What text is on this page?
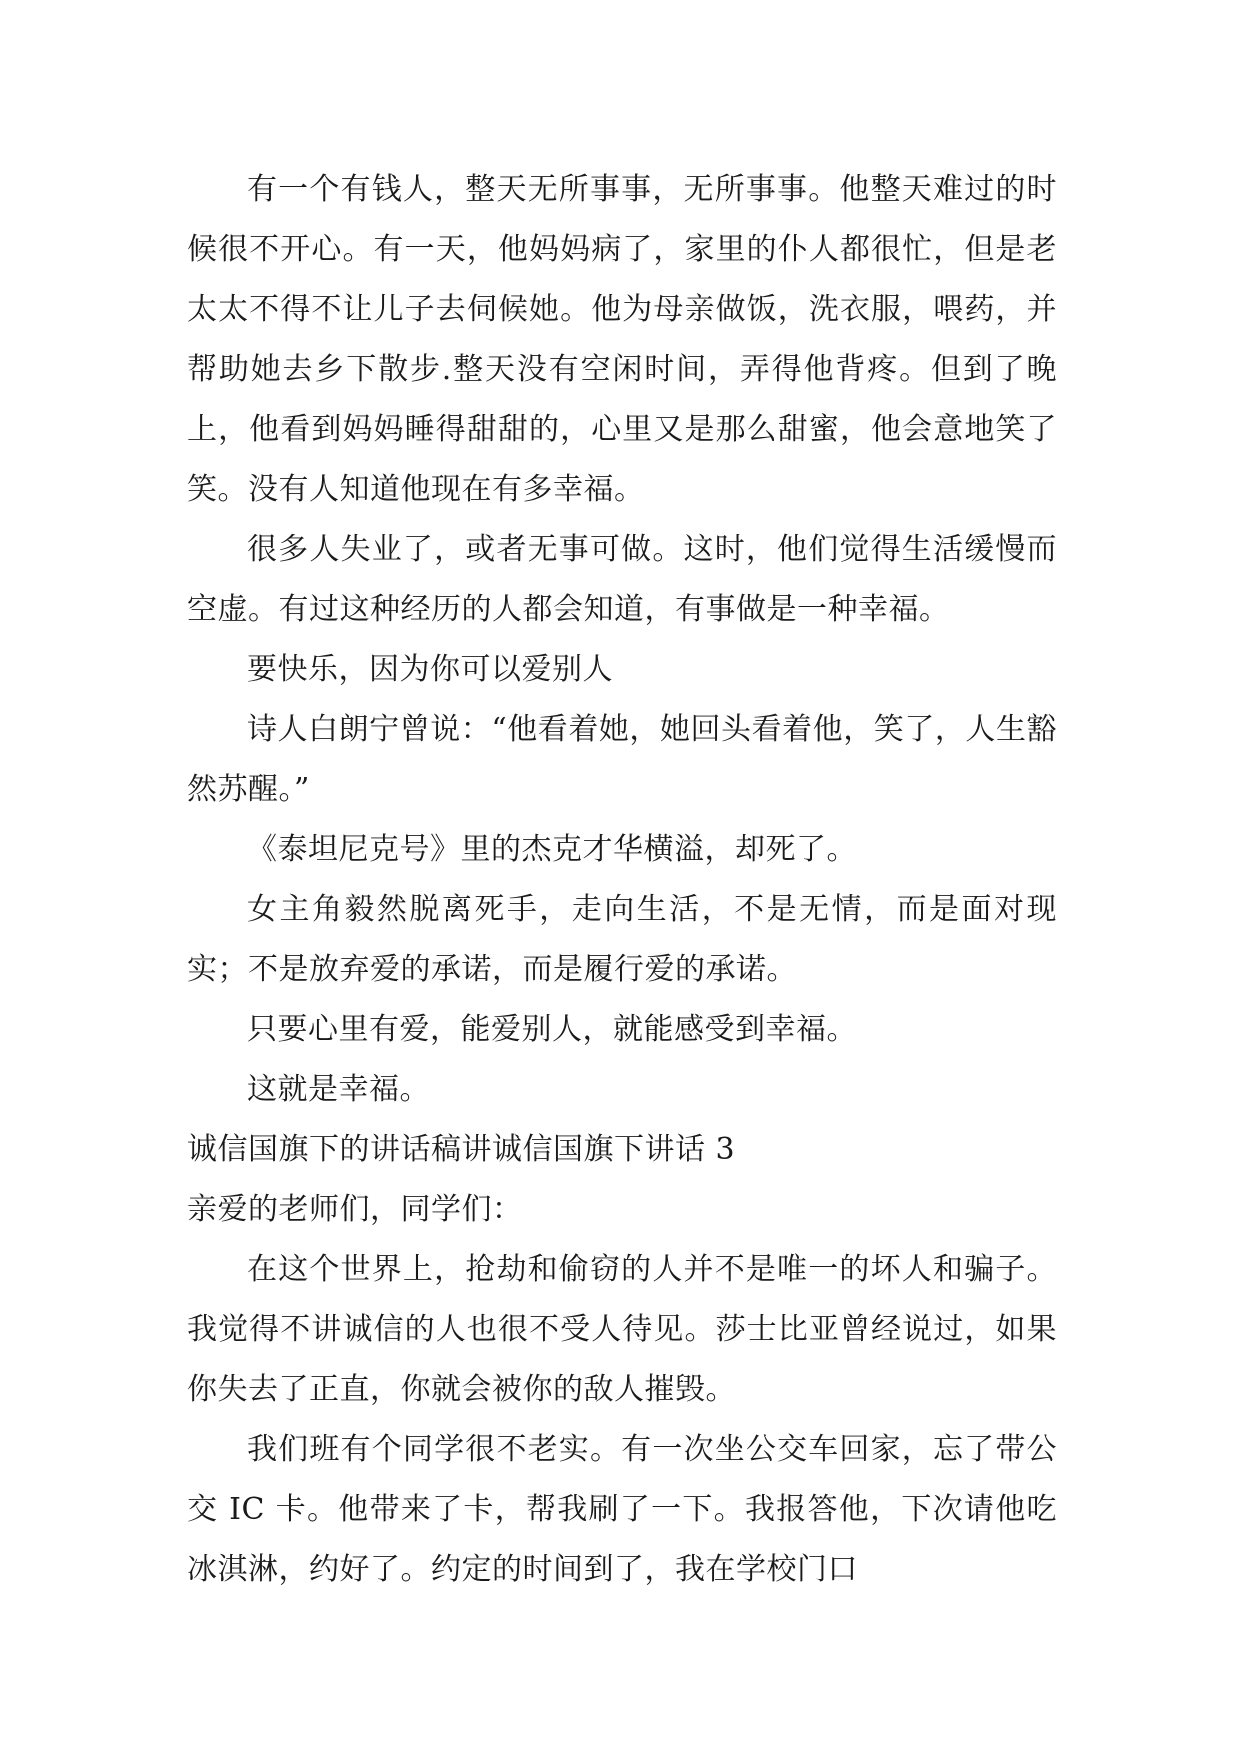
有一个有钱人，整天无所事事，无所事事。他整天难过的时候很不开心。有一天，他妈妈病了，家里的仆人都很忙，但是老太太不得不让儿子去伺候她。他为母亲做饭，洗衣服，喂药，并帮助她去乡下散步.整天没有空闲时间，弄得他背疼。但到了晚上，他看到妈妈睡得甜甜的，心里又是那么甜蜜，他会意地笑了笑。没有人知道他现在有多幸福。

很多人失业了，或者无事可做。这时，他们觉得生活缓慢而空虚。有过这种经历的人都会知道，有事做是一种幸福。

要快乐，因为你可以爱别人

诗人白朗宁曾说：“他看着她，她回头看着他，笑了，人生豁然苏醒。”

《泰坦尼克号》里的杰克才华横溢，却死了。

女主角毅然脱离死手，走向生活，不是无情，而是面对现实；不是放弃爱的承诺，而是履行爱的承诺。

只要心里有爱，能爱别人，就能感受到幸福。

这就是幸福。

诚信国旗下的讲话稿讲诚信国旗下讲话 3

亲爱的老师们，同学们：

在这个世界上，抢劫和偷窃的人并不是唯一的坏人和骗子。我觉得不讲诚信的人也很不受人待见。莎士比亚曾经说过，如果你失去了正直，你就会被你的敌人摧毁。

我们班有个同学很不老实。有一次坐公交车回家，忘了带公交 IC 卡。他带来了卡，帮我刷了一下。我报答他，下次请他吃冰淇淋，约好了。约定的时间到了，我在学校门口
